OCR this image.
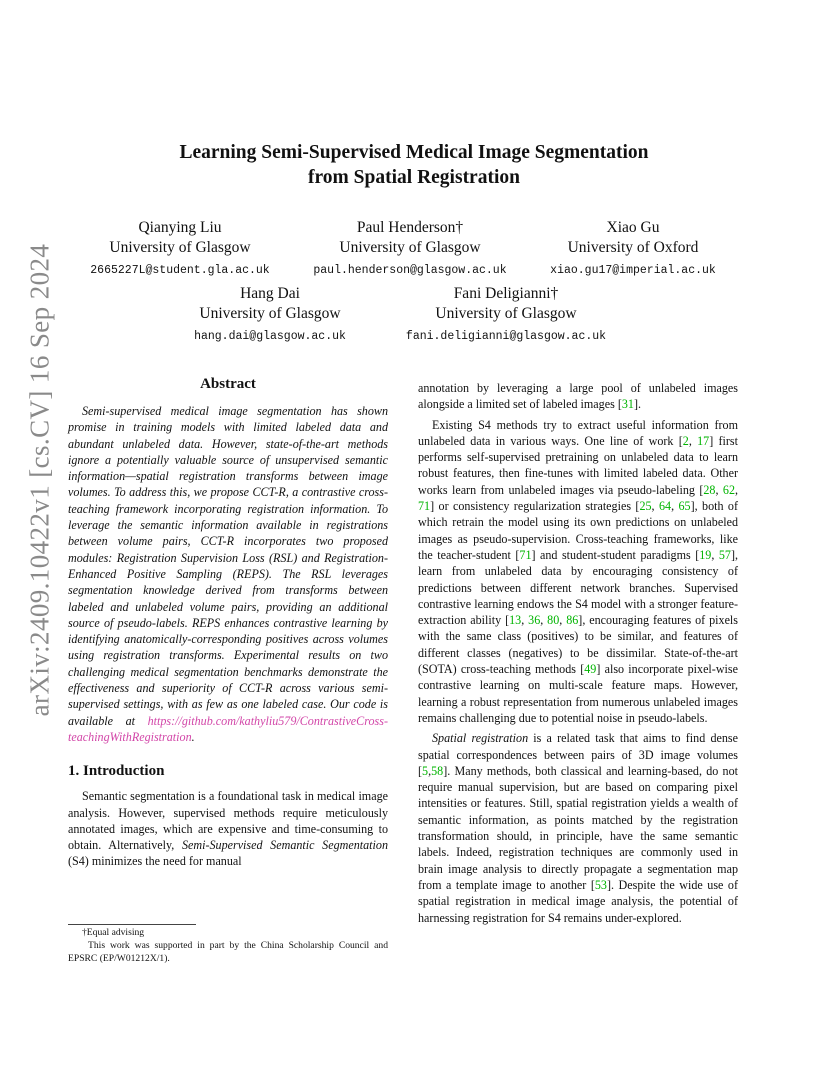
arXiv:2409.10422v1 [cs.CV] 16 Sep 2024
Learning Semi-Supervised Medical Image Segmentation
from Spatial Registration
Qianying Liu
University of Glasgow
2665227L@student.gla.ac.uk
Paul Henderson†
University of Glasgow
paul.henderson@glasgow.ac.uk
Xiao Gu
University of Oxford
xiao.gu17@imperial.ac.uk
Hang Dai
University of Glasgow
hang.dai@glasgow.ac.uk
Fani Deligianni†
University of Glasgow
fani.deligianni@glasgow.ac.uk
Abstract
Semi-supervised medical image segmentation has shown promise in training models with limited labeled data and abundant unlabeled data. However, state-of-the-art methods ignore a potentially valuable source of unsupervised semantic information—spatial registration transforms between image volumes. To address this, we propose CCT-R, a contrastive cross-teaching framework incorporating registration information. To leverage the semantic information available in registrations between volume pairs, CCT-R incorporates two proposed modules: Registration Supervision Loss (RSL) and Registration-Enhanced Positive Sampling (REPS). The RSL leverages segmentation knowledge derived from transforms between labeled and unlabeled volume pairs, providing an additional source of pseudo-labels. REPS enhances contrastive learning by identifying anatomically-corresponding positives across volumes using registration transforms. Experimental results on two challenging medical segmentation benchmarks demonstrate the effectiveness and superiority of CCT-R across various semi-supervised settings, with as few as one labeled case. Our code is available at https://github.com/kathyliu579/ContrastiveCross-teachingWithRegistration.
1. Introduction

Semantic segmentation is a foundational task in medical image analysis. However, supervised methods require meticulously annotated images, which are expensive and time-consuming to obtain. Alternatively, Semi-Supervised Semantic Segmentation (S4) minimizes the need for manual

†Equal advising
This work was supported in part by the China Scholarship Council and EPSRC (EP/W01212X/1).

annotation by leveraging a large pool of unlabeled images alongside a limited set of labeled images [31].

Existing S4 methods try to extract useful information from unlabeled data in various ways. One line of work [2, 17] first performs self-supervised pretraining on unlabeled data to learn robust features, then fine-tunes with limited labeled data. Other works learn from unlabeled images via pseudo-labeling [28, 62, 71] or consistency regularization strategies [25, 64, 65], both of which retrain the model using its own predictions on unlabeled images as pseudo-supervision. Cross-teaching frameworks, like the teacher-student [71] and student-student paradigms [19, 57], learn from unlabeled data by encouraging consistency of predictions between different network branches. Supervised contrastive learning endows the S4 model with a stronger feature-extraction ability [13, 36, 80, 86], encouraging features of pixels with the same class (positives) to be similar, and features of different classes (negatives) to be dissimilar. State-of-the-art (SOTA) cross-teaching methods [49] also incorporate pixel-wise contrastive learning on multi-scale feature maps. However, learning a robust representation from numerous unlabeled images remains challenging due to potential noise in pseudo-labels.

Spatial registration is a related task that aims to find dense spatial correspondences between pairs of 3D image volumes [5,58]. Many methods, both classical and learning-based, do not require manual supervision, but are based on comparing pixel intensities or features. Still, spatial registration yields a wealth of semantic information, as points matched by the registration transformation should, in principle, have the same semantic labels. Indeed, registration techniques are commonly used in brain image analysis to directly propagate a segmentation map from a template image to another [53]. Despite the wide use of spatial registration in medical image analysis, the potential of harnessing registration for S4 remains under-explored.
